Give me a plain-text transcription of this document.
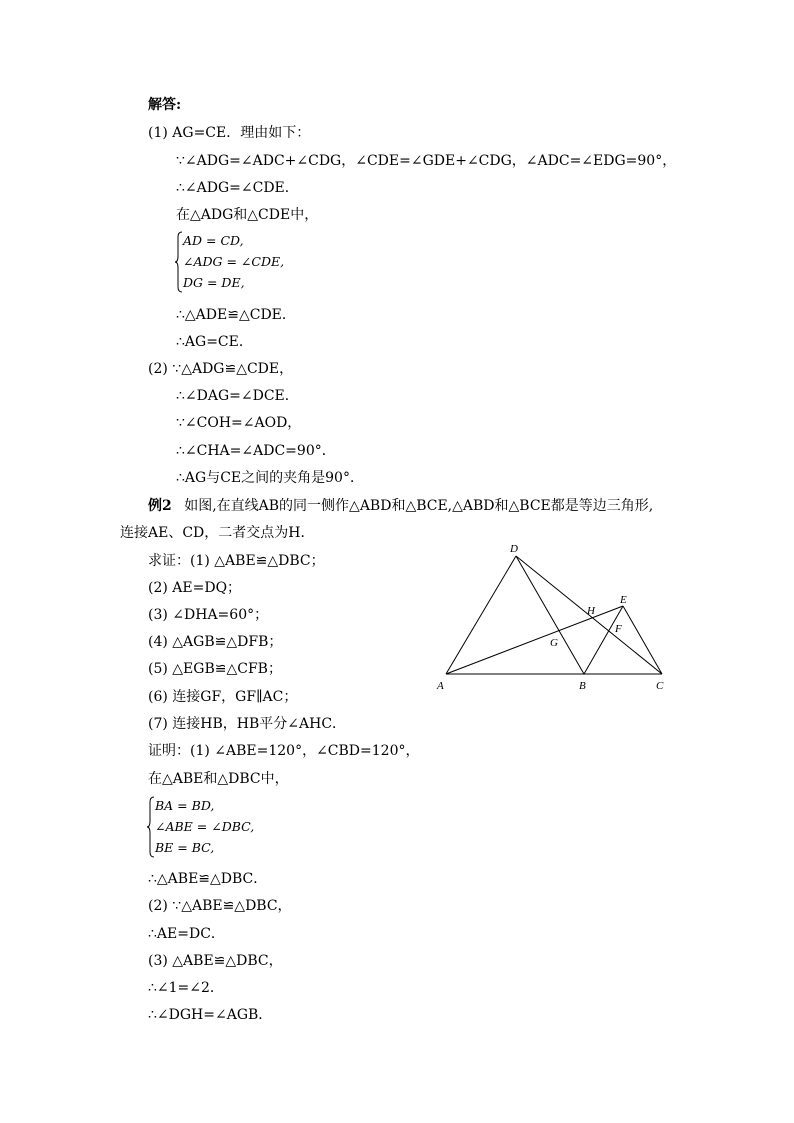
解答:
(1) AG=CE．理由如下：
∵∠ADG=∠ADC+∠CDG，∠CDE=∠GDE+∠CDG，∠ADC=∠EDG=90°，
∴∠ADG=∠CDE．
在△ADG和△CDE中，
AD = CD,
∠ADG = ∠CDE,
DG = DE,
∴△ADE≌△CDE．
∴AG=CE．
(2) ∵△ADG≌△CDE，
∴∠DAG=∠DCE．
∵∠COH=∠AOD，
∴∠CHA=∠ADC=90°．
∴AG与CE之间的夹角是90°．
例2 如图,在直线AB的同一侧作△ABD和△BCE,△ABD和△BCE都是等边三角形,
连接AE、CD，二者交点为H．
求证：(1) △ABE≌△DBC；
(2) AE=DQ；
(3) ∠DHA=60°；
(4) △AGB≌△DFB；
(5) △EGB≌△CFB；
(6) 连接GF，GF∥AC；
(7) 连接HB，HB平分∠AHC．
D
A	B	C
E
F
G
H
证明：(1) ∠ABE=120°，∠CBD=120°，
在△ABE和△DBC中，
BA = BD,
∠ABE = ∠DBC,
BE = BC,
∴△ABE≌△DBC．
(2) ∵△ABE≌△DBC，
∴AE=DC．
(3) △ABE≌△DBC，
∴∠1=∠2．
∴∠DGH=∠AGB．
